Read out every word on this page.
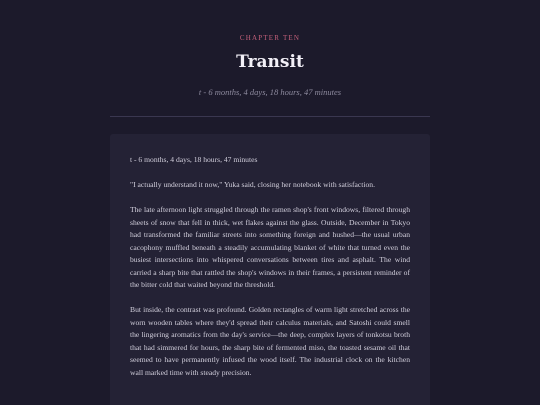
CHAPTER TEN
Transit
t - 6 months, 4 days, 18 hours, 47 minutes

t - 6 months, 4 days, 18 hours, 47 minutes

"I actually understand it now," Yuka said, closing her notebook with satisfaction.

The late afternoon light struggled through the ramen shop's front windows, filtered through sheets of snow that fell in thick, wet flakes against the glass. Outside, December in Tokyo had transformed the familiar streets into something foreign and hushed—the usual urban cacophony muffled beneath a steadily accumulating blanket of white that turned even the busiest intersections into whispered conversations between tires and asphalt. The wind carried a sharp bite that rattled the shop's windows in their frames, a persistent reminder of the bitter cold that waited beyond the threshold.

But inside, the contrast was profound. Golden rectangles of warm light stretched across the worn wooden tables where they'd spread their calculus materials, and Satoshi could smell the lingering aromatics from the day's service—the deep, complex layers of tonkotsu broth that had simmered for hours, the sharp bite of fermented miso, the toasted sesame oil that seemed to have permanently infused the wood itself. The industrial clock on the kitchen wall marked time with steady precision.
